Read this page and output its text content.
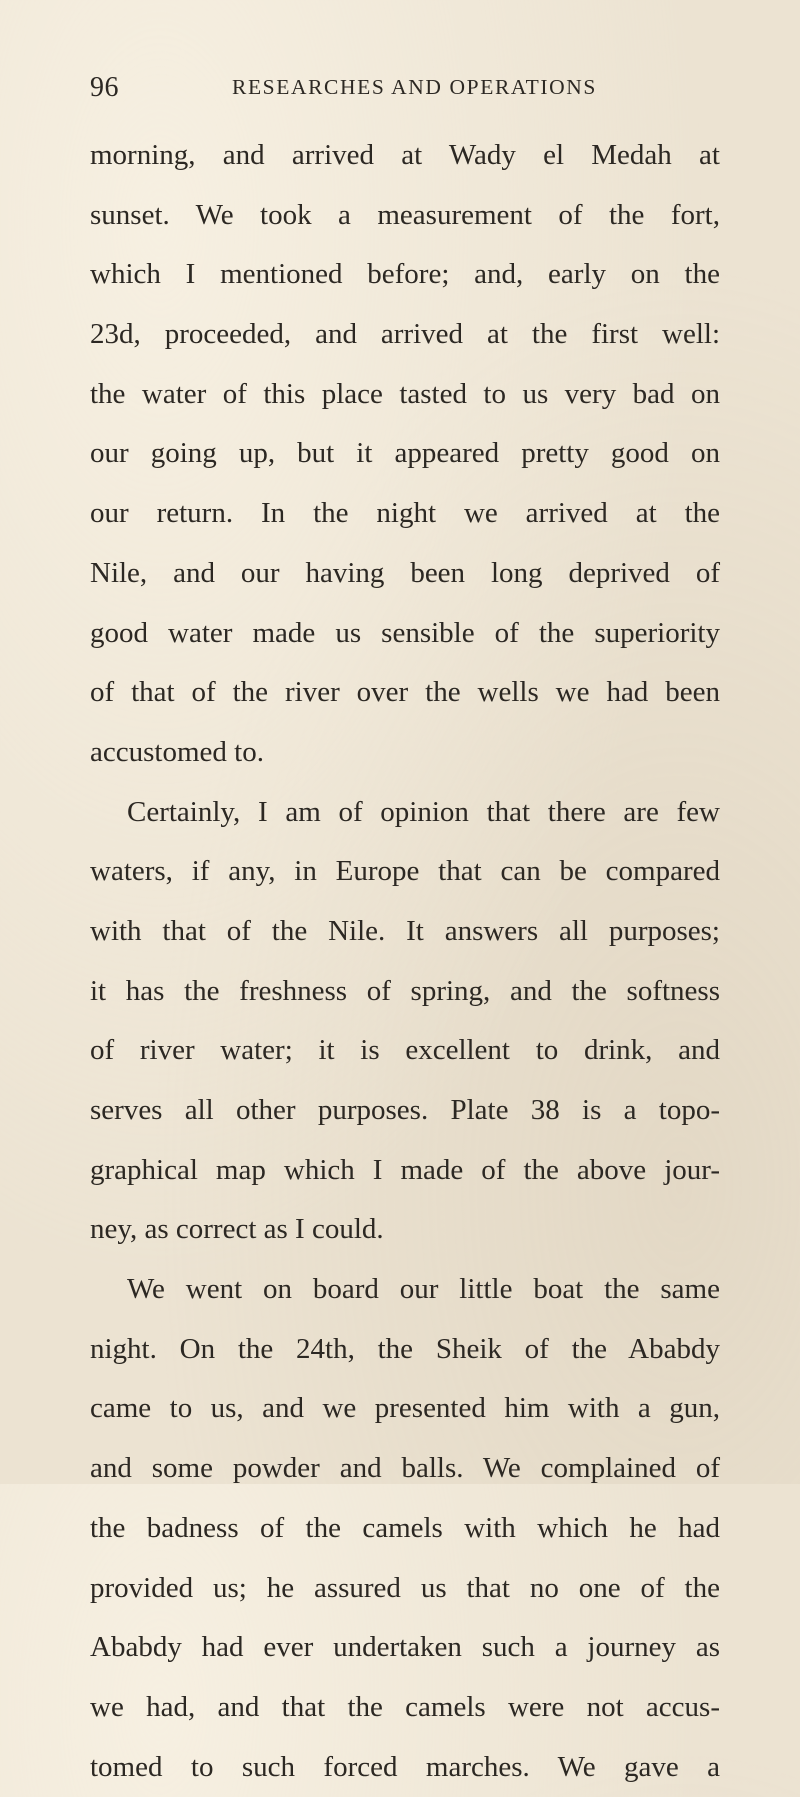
96	RESEARCHES AND OPERATIONS
morning, and arrived at Wady el Medah at
sunset. We took a measurement of the fort,
which I mentioned before; and, early on the
23d, proceeded, and arrived at the first well:
the water of this place tasted to us very bad on
our going up, but it appeared pretty good on
our return. In the night we arrived at the
Nile, and our having been long deprived of
good water made us sensible of the superiority
of that of the river over the wells we had been
accustomed to.
Certainly, I am of opinion that there are few
waters, if any, in Europe that can be compared
with that of the Nile. It answers all purposes;
it has the freshness of spring, and the softness
of river water; it is excellent to drink, and
serves all other purposes. Plate 38 is a topo-
graphical map which I made of the above jour-
ney, as correct as I could.
We went on board our little boat the same
night. On the 24th, the Sheik of the Ababdy
came to us, and we presented him with a gun,
and some powder and balls. We complained of
the badness of the camels with which he had
provided us; he assured us that no one of the
Ababdy had ever undertaken such a journey as
we had, and that the camels were not accus-
tomed to such forced marches. We gave a
